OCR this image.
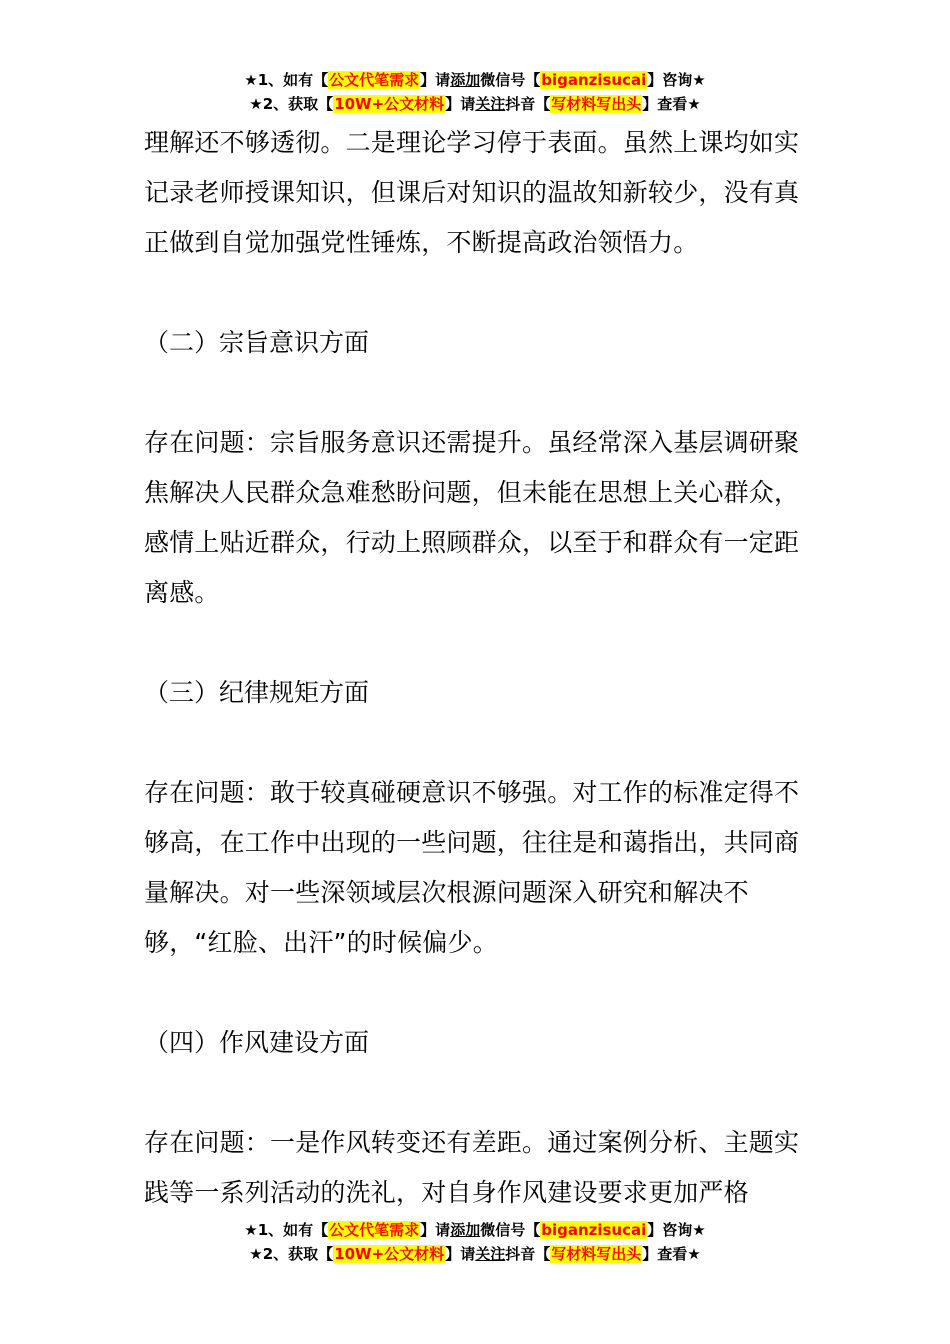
★1、如有【公文代笔需求】请添加微信号【biganzisucai】咨询★
★2、获取【10W+公文材料】请关注抖音【写材料写出头】查看★

理解还不够透彻。二是理论学习停于表面。虽然上课均如实记录老师授课知识，但课后对知识的温故知新较少，没有真正做到自觉加强党性锤炼，不断提高政治领悟力。

（二）宗旨意识方面

存在问题：宗旨服务意识还需提升。虽经常深入基层调研聚焦解决人民群众急难愁盼问题，但未能在思想上关心群众，感情上贴近群众，行动上照顾群众，以至于和群众有一定距离感。

（三）纪律规矩方面

存在问题：敢于较真碰硬意识不够强。对工作的标准定得不够高，在工作中出现的一些问题，往往是和蔼指出，共同商量解决。对一些深领域层次根源问题深入研究和解决不够，“红脸、出汗”的时候偏少。

（四）作风建设方面

存在问题：一是作风转变还有差距。通过案例分析、主题实践等一系列活动的洗礼，对自身作风建设要求更加严格

★1、如有【公文代笔需求】请添加微信号【biganzisucai】咨询★
★2、获取【10W+公文材料】请关注抖音【写材料写出头】查看★
